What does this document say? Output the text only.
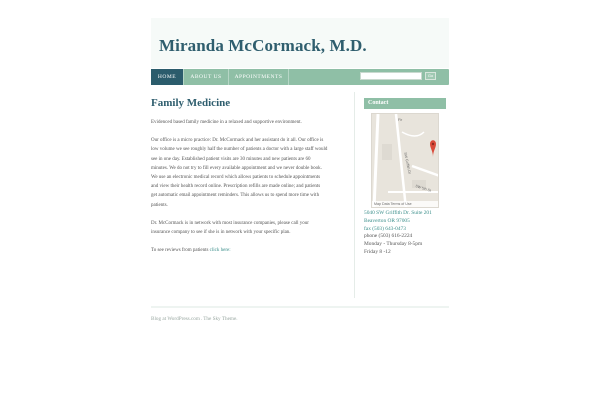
Miranda McCormack, M.D.
HOME	ABOUT US	APPOINTMENTS	Go
Family Medicine

Evidenced based family medicine in a relaxed and supportive environment.

Our office is a micro practice: Dr. McCormack and her assistant do it all. Our office is
low volume we see roughly half the number of patients a doctor with a large staff would
see in one day. Established patient visits are 30 minutes and new patients are 60
minutes. We do not try to fill every available appointment and we never double book.
We use an electronic medical record which allows patients to schedule appointments
and view their health record online. Prescription refills are made online; and patients
get automatic email appointment reminders. This allows us to spend more time with
patients.

Dr. McCormack is in network with most insurance companies, please call your
insurance company to see if she is in network with your specific plan.

To see reviews from patients click here:

Contact
Fir
SW Griffith Dr
SW 5th St
Map Data Terms of Use
5040 SW Griffith Dr. Suite 201
Beaverton OR 97005
fax (503) 643-0473
phone (503) 616-2224
Monday - Thursday 8-5pm
Friday 8 -12
Blog at WordPress.com.The Sky Theme.
